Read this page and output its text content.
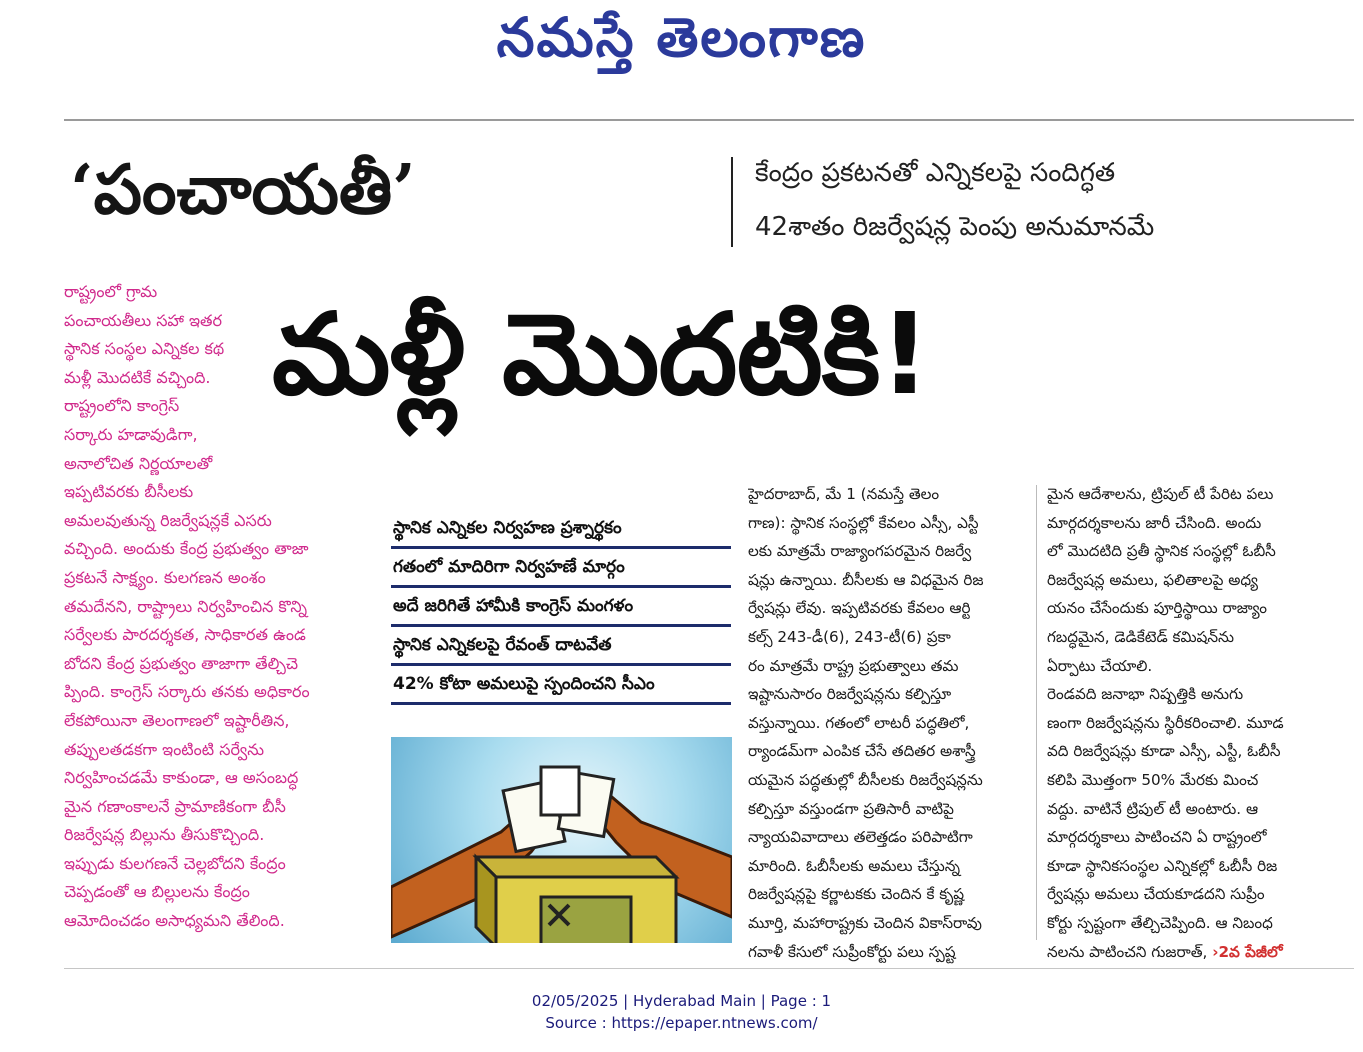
నమస్తే తెలంగాణ
‘పంచాయతీ’	కేంద్రం ప్రకటనతో ఎన్నికలపై సందిగ్ధత
42శాతం రిజర్వేషన్ల పెంపు అనుమానమే
మళ్లీ మొదటికి!

రాష్ట్రంలో గ్రామ

పంచాయతీలు సహా ఇతర

స్థానిక సంస్థల ఎన్నికల కథ

మళ్లీ మొదటికే వచ్చింది.

రాష్ట్రంలోని కాంగ్రెస్

సర్కారు హడావుడిగా,

అనాలోచిత నిర్ణయాలతో

ఇప్పటివరకు బీసీలకు

అమలవుతున్న రిజర్వేషన్లకే ఎసరు

వచ్చింది. అందుకు కేంద్ర ప్రభుత్వం తాజా

ప్రకటనే సాక్ష్యం. కులగణన అంశం

తమదేనని, రాష్ట్రాలు నిర్వహించిన కొన్ని

సర్వేలకు పారదర్శకత, సాధికారత ఉండ

బోదని కేంద్ర ప్రభుత్వం తాజాగా తేల్చిచె

ప్పింది. కాంగ్రెస్ సర్కారు తనకు అధికారం

లేకపోయినా తెలంగాణలో ఇష్టారీతిన,

తప్పులతడకగా ఇంటింటి సర్వేను

నిర్వహించడమే కాకుండా, ఆ అసంబద్ధ

మైన గణాంకాలనే ప్రామాణికంగా బీసీ

రిజర్వేషన్ల బిల్లును తీసుకొచ్చింది.

ఇప్పుడు కులగణనే చెల్లబోదని కేంద్రం

చెప్పడంతో ఆ బిల్లులను కేంద్రం

ఆమోదించడం అసాధ్యమని తేలింది.

స్థానిక ఎన్నికల నిర్వహణ ప్రశ్నార్థకం
గతంలో మాదిరిగా నిర్వహణే మార్గం
అదే జరిగితే హామీకి కాంగ్రెస్ మంగళం
స్థానిక ఎన్నికలపై రేవంత్ దాటవేత
42% కోటా అమలుపై స్పందించని సీఎం

హైదరాబాద్, మే 1 (నమస్తే తెలం

గాణ): స్థానిక సంస్థల్లో కేవలం ఎస్సీ, ఎస్టీ

లకు మాత్రమే రాజ్యాంగపరమైన రిజర్వే

షన్లు ఉన్నాయి. బీసీలకు ఆ విధమైన రిజ

ర్వేషన్లు లేవు. ఇప్పటివరకు కేవలం ఆర్టి

కల్స్ 243-డీ(6), 243-టీ(6) ప్రకా

రం మాత్రమే రాష్ట్ర ప్రభుత్వాలు తమ

ఇష్టానుసారం రిజర్వేషన్లను కల్పిస్తూ

వస్తున్నాయి. గతంలో లాటరీ పద్ధతిలో,

ర్యాండమ్‌గా ఎంపిక చేసే తదితర అశాస్త్రీ

యమైన పద్ధతుల్లో బీసీలకు రిజర్వేషన్లను

కల్పిస్తూ వస్తుండగా ప్రతిసారీ వాటిపై

న్యాయవివాదాలు తలెత్తడం పరిపాటిగా

మారింది. ఓబీసీలకు అమలు చేస్తున్న

రిజర్వేషన్లపై కర్ణాటకకు చెందిన కే కృష్ణ

మూర్తి, మహారాష్ట్రకు చెందిన వికాస్‌రావు

గవాళీ కేసులో సుప్రీంకోర్టు పలు స్పష్ట

మైన ఆదేశాలను, ట్రిపుల్ టీ పేరిట పలు

మార్గదర్శకాలను జారీ చేసింది. అందు

లో మొదటిది ప్రతీ స్థానిక సంస్థల్లో ఓబీసీ

రిజర్వేషన్ల అమలు, ఫలితాలపై అధ్య

యనం చేసేందుకు పూర్తిస్థాయి రాజ్యాం

గబద్ధమైన, డెడికేటెడ్ కమిషన్‌ను

ఏర్పాటు చేయాలి.

రెండవది జనాభా నిష్పత్తికి అనుగు

ణంగా రిజర్వేషన్లను స్థిరీకరించాలి. మూడ

వది రిజర్వేషన్లు కూడా ఎస్సీ, ఎస్టీ, ఓబీసీ

కలిపి మొత్తంగా 50% మేరకు మించ

వద్దు. వాటినే ట్రిపుల్ టీ అంటారు. ఆ

మార్గదర్శకాలు పాటించని ఏ రాష్ట్రంలో

కూడా స్థానికసంస్థల ఎన్నికల్లో ఓబీసీ రిజ

ర్వేషన్లు అమలు చేయకూడదని సుప్రీం

కోర్టు స్పష్టంగా తేల్చిచెప్పింది. ఆ నిబంధ

నలను పాటించని గుజరాత్, ›2వ పేజీలో

02/05/2025 | Hyderabad Main | Page : 1
Source : https://epaper.ntnews.com/
